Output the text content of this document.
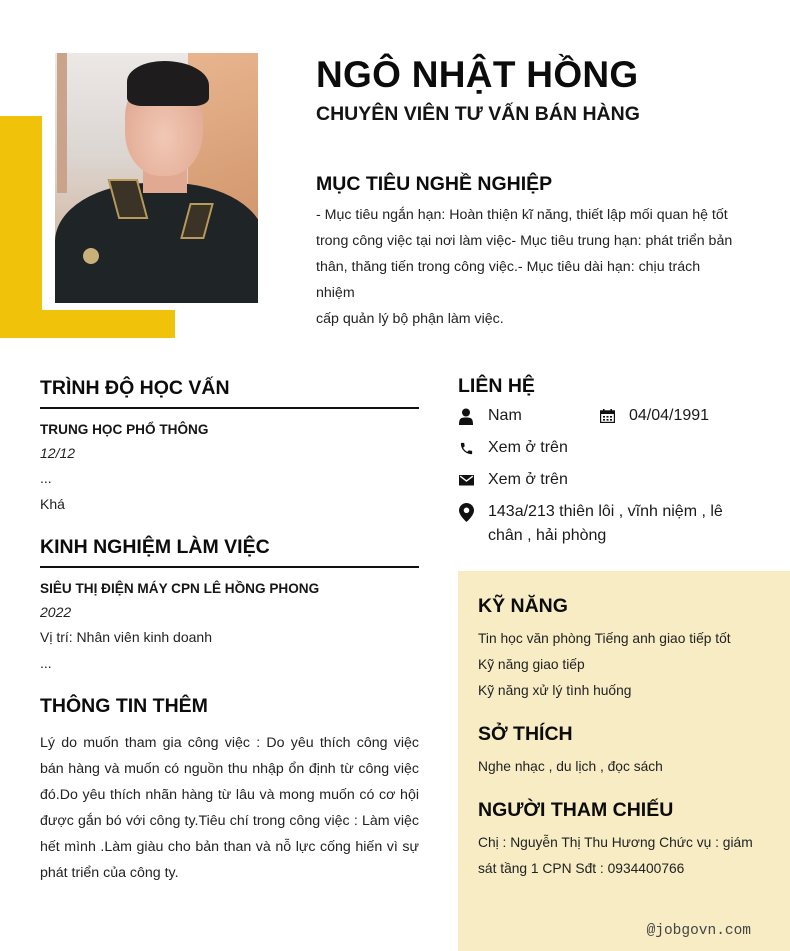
NGÔ NHẬT HỒNG
CHUYÊN VIÊN TƯ VẤN BÁN HÀNG
MỤC TIÊU NGHỀ NGHIỆP
- Mục tiêu ngắn hạn: Hoàn thiện kĩ năng, thiết lập mối quan hệ tốt
trong công việc tại nơi làm việc- Mục tiêu trung hạn: phát triển bản
thân, thăng tiến trong công việc.- Mục tiêu dài hạn: chịu trách nhiệm
cấp quản lý bộ phận làm việc.
TRÌNH ĐỘ HỌC VẤN
TRUNG HỌC PHỔ THÔNG
12/12
...
Khá
KINH NGHIỆM LÀM VIỆC
SIÊU THỊ ĐIỆN MÁY CPN LÊ HỒNG PHONG
2022
Vị trí: Nhân viên kinh doanh
...
THÔNG TIN THÊM
Lý do muốn tham gia công việc : Do yêu thích công việc bán hàng và muốn có nguồn thu nhập ổn định từ công việc đó.Do yêu thích nhãn hàng từ lâu và mong muốn có cơ hội được gắn bó với công ty.Tiêu chí trong công việc : Làm việc hết mình .Làm giàu cho bản than và nỗ lực cống hiến vì sự phát triển của công ty.
LIÊN HỆ
Nam	04/04/1991
Xem ở trên
Xem ở trên
143a/213 thiên lôi , vĩnh niệm , lê
chân , hải phòng
KỸ NĂNG
Tin học văn phòng Tiếng anh giao tiếp tốt
Kỹ năng giao tiếp
Kỹ năng xử lý tình huống
SỞ THÍCH
Nghe nhạc , du lịch , đọc sách
NGƯỜI THAM CHIẾU
Chị : Nguyễn Thị Thu Hương Chức vụ : giám
sát tầng 1 CPN Sđt : 0934400766
@jobgovn.com
